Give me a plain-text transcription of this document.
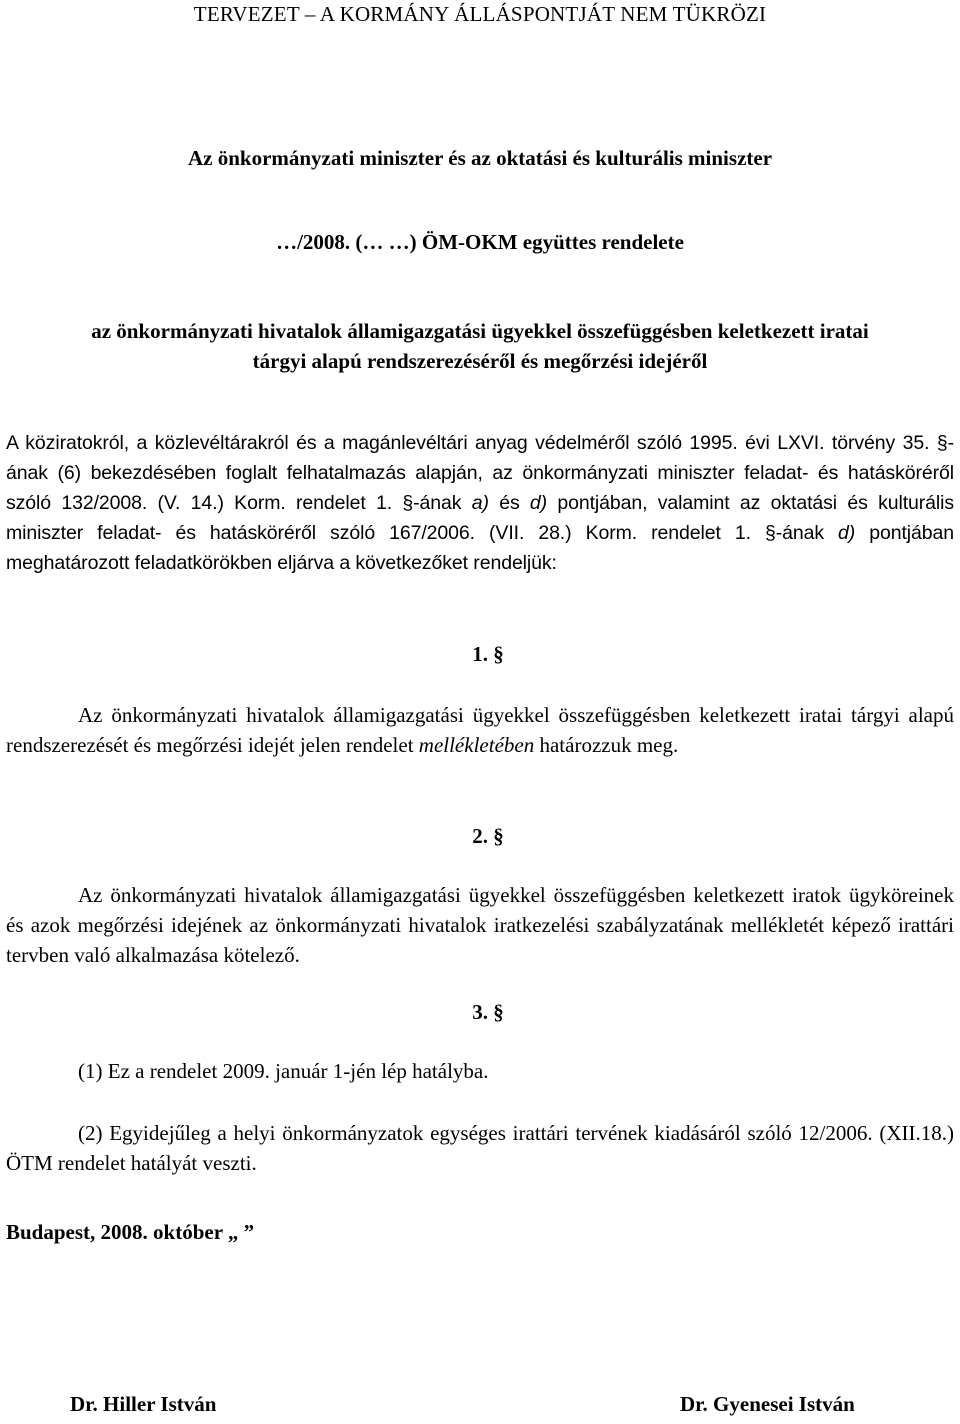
TERVEZET – A KORMÁNY ÁLLÁSPONTJÁT NEM TÜKRÖZI
Az önkormányzati miniszter és az oktatási és kulturális miniszter
…/2008. (… …) ÖM-OKM együttes rendelete
az önkormányzati hivatalok államigazgatási ügyekkel összefüggésben keletkezett iratai
tárgyi alapú rendszerezéséről és megőrzési idejéről
A köziratokról, a közlevéltárakról és a magánlevéltári anyag védelméről szóló 1995. évi LXVI. törvény 35. §-ának (6) bekezdésében foglalt felhatalmazás alapján, az önkormányzati miniszter feladat- és hatásköréről szóló 132/2008. (V. 14.) Korm. rendelet 1. §-ának a) és d) pontjában, valamint az oktatási és kulturális miniszter feladat- és hatásköréről szóló 167/2006. (VII. 28.) Korm. rendelet 1. §-ának d) pontjában meghatározott feladatkörökben eljárva a következőket rendeljük:
1. §
Az önkormányzati hivatalok államigazgatási ügyekkel összefüggésben keletkezett iratai tárgyi alapú rendszerezését és megőrzési idejét jelen rendelet mellékletében határozzuk meg.
2. §
Az önkormányzati hivatalok államigazgatási ügyekkel összefüggésben keletkezett iratok ügyköreinek és azok megőrzési idejének az önkormányzati hivatalok iratkezelési szabályzatának mellékletét képező irattári tervben való alkalmazása kötelező.
3. §
(1) Ez a rendelet 2009. január 1-jén lép hatályba.
(2) Egyidejűleg a helyi önkormányzatok egységes irattári tervének kiadásáról szóló 12/2006. (XII.18.) ÖTM rendelet hatályát veszti.
Budapest, 2008. október „ ”
Dr. Hiller István	Dr. Gyenesei István
